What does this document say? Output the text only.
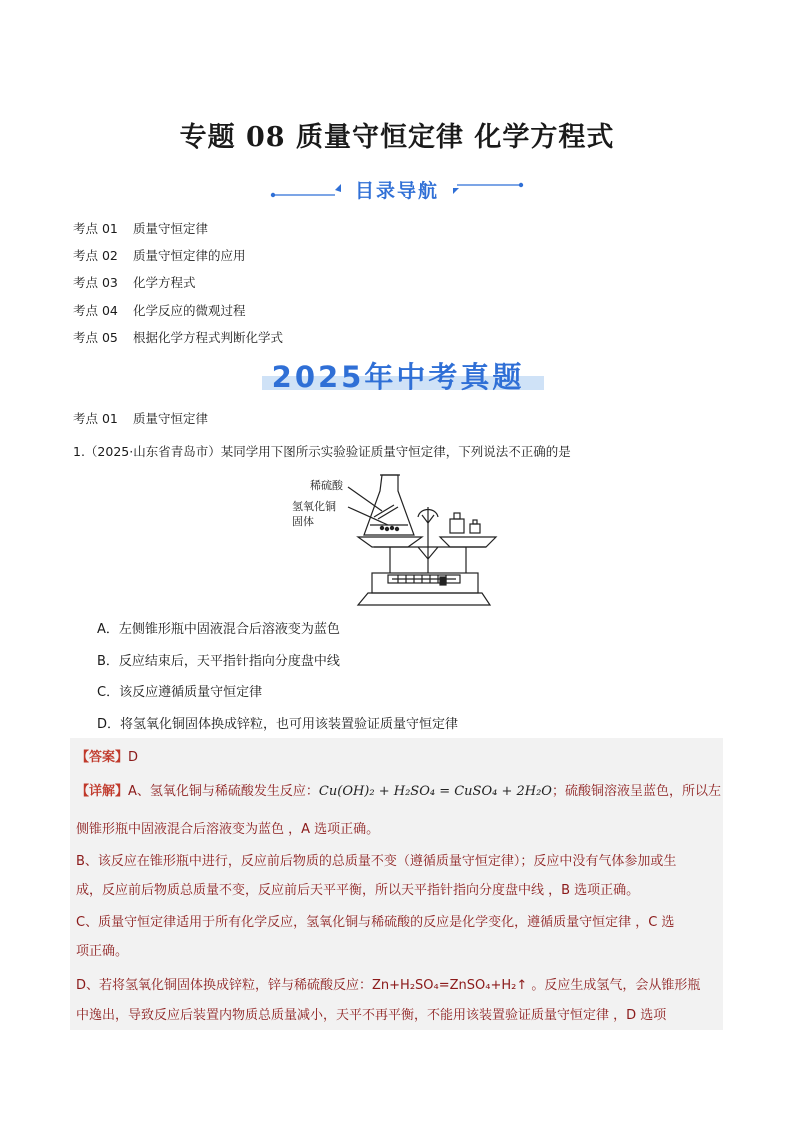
专题 08 质量守恒定律 化学方程式
目录导航
考点 01 质量守恒定律
考点 02 质量守恒定律的应用
考点 03 化学方程式
考点 04 化学反应的微观过程
考点 05 根据化学方程式判断化学式
2025年中考真题
考点 01 质量守恒定律
1.（2025·山东省青岛市）某同学用下图所示实验验证质量守恒定律，下列说法不正确的是
稀硫酸
氢氧化铜
固体
A．左侧锥形瓶中固液混合后溶液变为蓝色
B．反应结束后，天平指针指向分度盘中线
C．该反应遵循质量守恒定律
D．将氢氧化铜固体换成锌粒，也可用该装置验证质量守恒定律
【答案】D
【详解】A、氢氧化铜与稀硫酸发生反应：Cu(OH)₂ + H₂SO₄ = CuSO₄ + 2H₂O；硫酸铜溶液呈蓝色，所以左
侧锥形瓶中固液混合后溶液变为蓝色 ，A 选项正确。
B、该反应在锥形瓶中进行，反应前后物质的总质量不变（遵循质量守恒定律）；反应中没有气体参加或生
成，反应前后物质总质量不变，反应前后天平平衡，所以天平指针指向分度盘中线 ，B 选项正确。
C、质量守恒定律适用于所有化学反应，氢氧化铜与稀硫酸的反应是化学变化，遵循质量守恒定律 ，C 选
项正确。
D、若将氢氧化铜固体换成锌粒，锌与稀硫酸反应：Zn+H₂SO₄=ZnSO₄+H₂↑ 。反应生成氢气，会从锥形瓶
中逸出，导致反应后装置内物质总质量减小，天平不再平衡，不能用该装置验证质量守恒定律 ，D 选项
